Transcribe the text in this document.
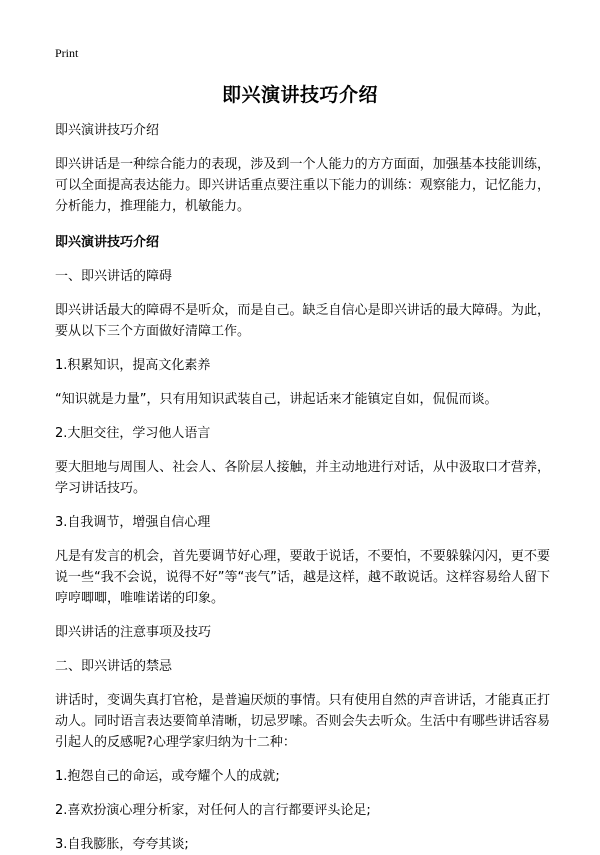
Print
即兴演讲技巧介绍

即兴演讲技巧介绍

即兴讲话是一种综合能力的表现，涉及到一个人能力的方方面面，加强基本技能训练，可以全面提高表达能力。即兴讲话重点要注重以下能力的训练：观察能力，记忆能力，分析能力，推理能力，机敏能力。

即兴演讲技巧介绍

一、即兴讲话的障碍

即兴讲话最大的障碍不是听众，而是自己。缺乏自信心是即兴讲话的最大障碍。为此，要从以下三个方面做好清障工作。

1.积累知识，提高文化素养

“知识就是力量”，只有用知识武装自己，讲起话来才能镇定自如，侃侃而谈。

2.大胆交往，学习他人语言

要大胆地与周围人、社会人、各阶层人接触，并主动地进行对话，从中汲取口才营养，学习讲话技巧。

3.自我调节，增强自信心理

凡是有发言的机会，首先要调节好心理，要敢于说话，不要怕，不要躲躲闪闪，更不要说一些“我不会说，说得不好”等“丧气”话，越是这样，越不敢说话。这样容易给人留下哼哼唧唧，唯唯诺诺的印象。

即兴讲话的注意事项及技巧

二、即兴讲话的禁忌

讲话时，变调失真打官枪，是普遍厌烦的事情。只有使用自然的声音讲话，才能真正打动人。同时语言表达要简单清晰，切忌罗嗦。否则会失去听众。生活中有哪些讲话容易引起人的反感呢?心理学家归纳为十二种：

1.抱怨自己的命运，或夸耀个人的成就;

2.喜欢扮演心理分析家，对任何人的言行都要评头论足;

3.自我膨胀，夸夸其谈;
